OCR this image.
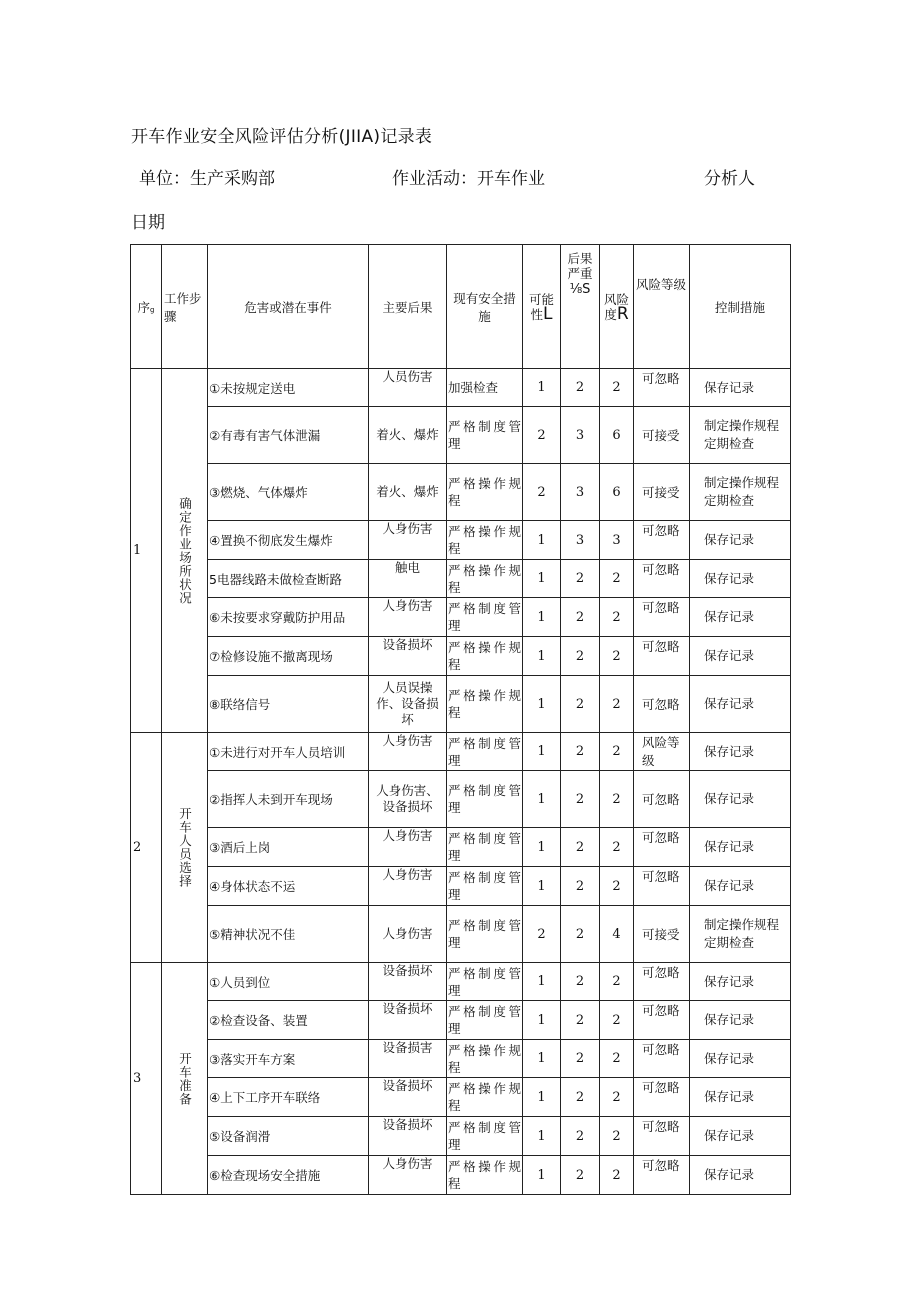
开车作业安全风险评估分析(JIIA)记录表
单位：生产采购部	作业活动：开车作业	分析人
日期
序g	工作步骤	危害或潜在事件	主要后果	现有安全措施	可能性L	后果严重⅛S	风险度R	风险等级	控制措施
1	确定作业场所状况	①未按规定送电	人员伤害	加强检查	1	2	2	可忽略	保存记录
		②有毒有害气体泄漏	着火、爆炸	严格制度管理	2	3	6	可接受	制定操作规程定期检查
		③燃烧、气体爆炸	着火、爆炸	严格操作规程	2	3	6	可接受	制定操作规程定期检查
		④置换不彻底发生爆炸	人身伤害	严格操作规程	1	3	3	可忽略	保存记录
		5电器线路未做检查断路	触电	严格操作规程	1	2	2	可忽略	保存记录
		⑥未按要求穿戴防护用品	人身伤害	严格制度管理	1	2	2	可忽略	保存记录
		⑦检修设施不撤离现场	设备损坏	严格操作规程	1	2	2	可忽略	保存记录
		⑧联络信号	人员误操作、设备损坏	严格操作规程	1	2	2	可忽略	保存记录
2	开车人员选择	①未进行对开车人员培训	人身伤害	严格制度管理	1	2	2	风险等级	保存记录
		②指挥人未到开车现场	人身伤害、设备损坏	严格制度管理	1	2	2	可忽略	保存记录
		③酒后上岗	人身伤害	严格制度管理	1	2	2	可忽略	保存记录
		④身体状态不运	人身伤害	严格制度管理	1	2	2	可忽略	保存记录
		⑤精神状况不佳	人身伤害	严格制度管理	2	2	4	可接受	制定操作规程定期检查
3	开车准备	①人员到位	设备损坏	严格制度管理	1	2	2	可忽略	保存记录
		②检查设备、装置	设备损坏	严格制度管理	1	2	2	可忽略	保存记录
		③落实开车方案	设备损害	严格操作规程	1	2	2	可忽略	保存记录
		④上下工序开车联络	设备损坏	严格操作规程	1	2	2	可忽略	保存记录
		⑤设备润滑	设备损坏	严格制度管理	1	2	2	可忽略	保存记录
		⑥检查现场安全措施	人身伤害	严格操作规程	1	2	2	可忽略	保存记录
